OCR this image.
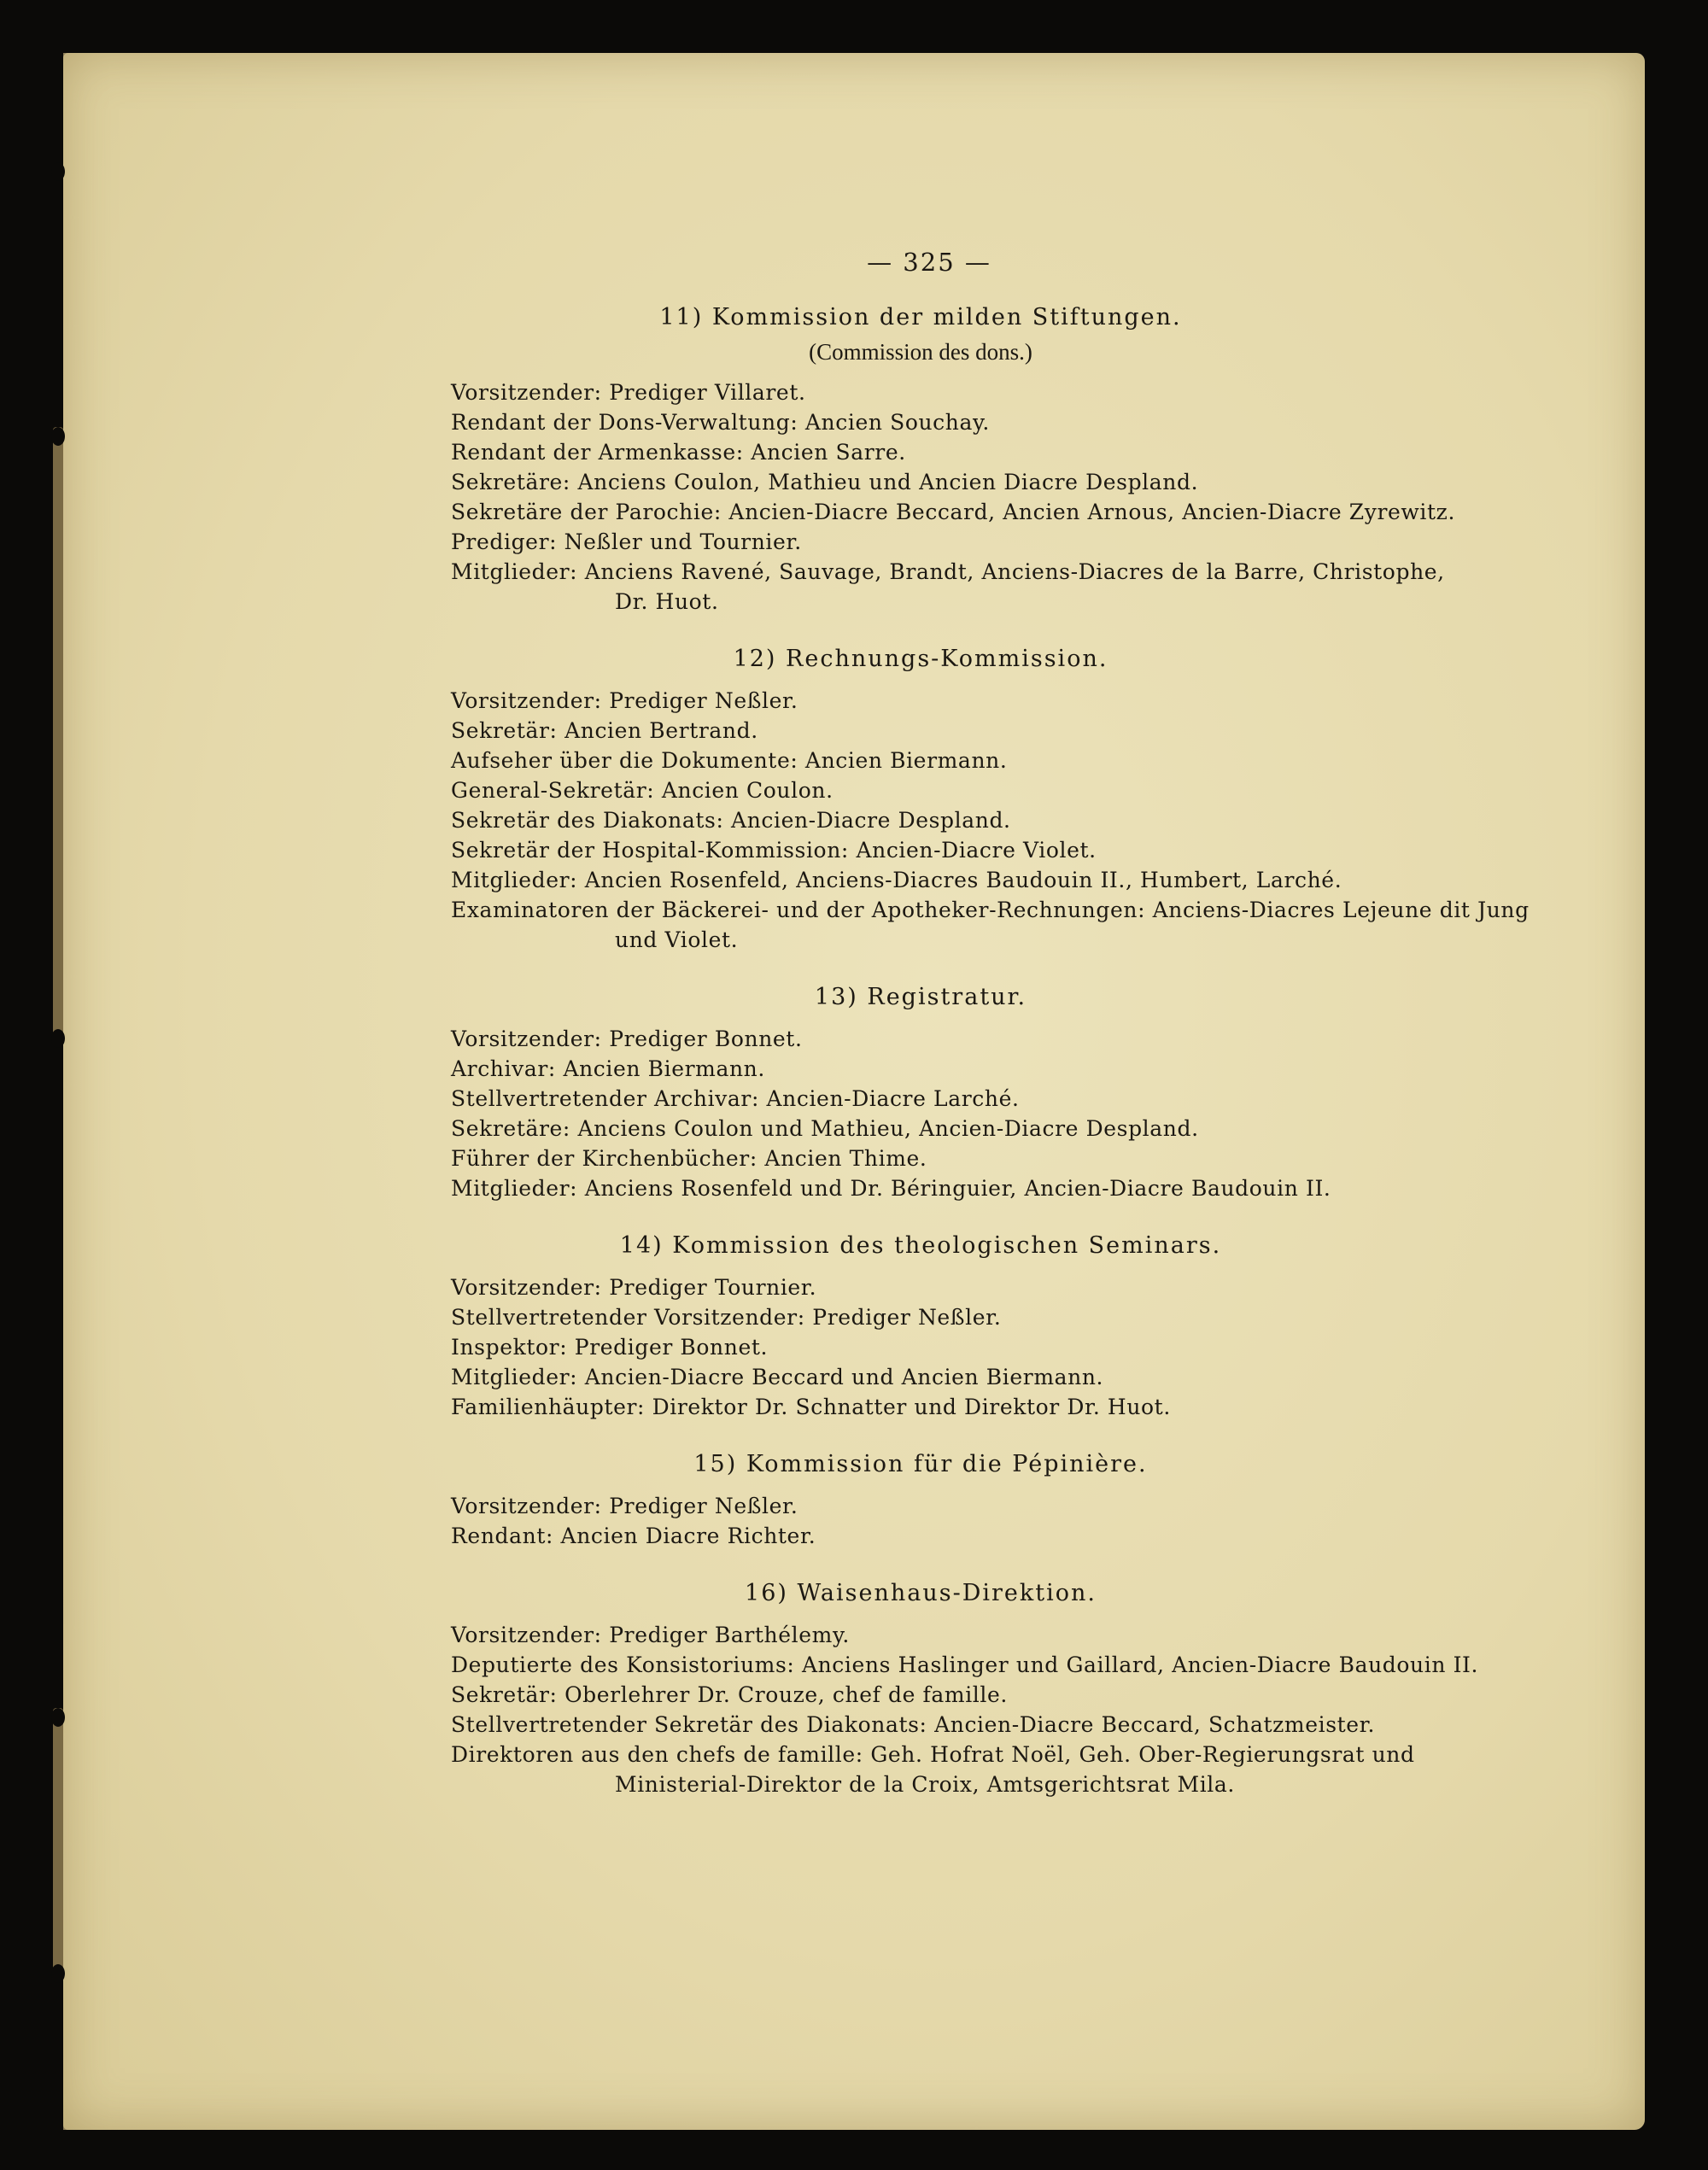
— 325 —
11) Kommission der milden Stiftungen.
(Commission des dons.)
Vorsitzender: Prediger Villaret.
Rendant der Dons-Verwaltung: Ancien Souchay.
Rendant der Armenkasse: Ancien Sarre.
Sekretäre: Anciens Coulon, Mathieu und Ancien Diacre Despland.
Sekretäre der Parochie: Ancien-Diacre Beccard, Ancien Arnous, Ancien-Diacre Zyrewitz.
Prediger: Neßler und Tournier.
Mitglieder: Anciens Ravené, Sauvage, Brandt, Anciens-Diacres de la Barre, Christophe,
Dr. Huot.
12) Rechnungs-Kommission.
Vorsitzender: Prediger Neßler.
Sekretär: Ancien Bertrand.
Aufseher über die Dokumente: Ancien Biermann.
General-Sekretär: Ancien Coulon.
Sekretär des Diakonats: Ancien-Diacre Despland.
Sekretär der Hospital-Kommission: Ancien-Diacre Violet.
Mitglieder: Ancien Rosenfeld, Anciens-Diacres Baudouin II., Humbert, Larché.
Examinatoren der Bäckerei- und der Apotheker-Rechnungen: Anciens-Diacres Lejeune dit Jung
und Violet.
13) Registratur.
Vorsitzender: Prediger Bonnet.
Archivar: Ancien Biermann.
Stellvertretender Archivar: Ancien-Diacre Larché.
Sekretäre: Anciens Coulon und Mathieu, Ancien-Diacre Despland.
Führer der Kirchenbücher: Ancien Thime.
Mitglieder: Anciens Rosenfeld und Dr. Béringuier, Ancien-Diacre Baudouin II.
14) Kommission des theologischen Seminars.
Vorsitzender: Prediger Tournier.
Stellvertretender Vorsitzender: Prediger Neßler.
Inspektor: Prediger Bonnet.
Mitglieder: Ancien-Diacre Beccard und Ancien Biermann.
Familienhäupter: Direktor Dr. Schnatter und Direktor Dr. Huot.
15) Kommission für die Pépinière.
Vorsitzender: Prediger Neßler.
Rendant: Ancien Diacre Richter.
16) Waisenhaus-Direktion.
Vorsitzender: Prediger Barthélemy.
Deputierte des Konsistoriums: Anciens Haslinger und Gaillard, Ancien-Diacre Baudouin II.
Sekretär: Oberlehrer Dr. Crouze, chef de famille.
Stellvertretender Sekretär des Diakonats: Ancien-Diacre Beccard, Schatzmeister.
Direktoren aus den chefs de famille: Geh. Hofrat Noël, Geh. Ober-Regierungsrat und
Ministerial-Direktor de la Croix, Amtsgerichtsrat Mila.
